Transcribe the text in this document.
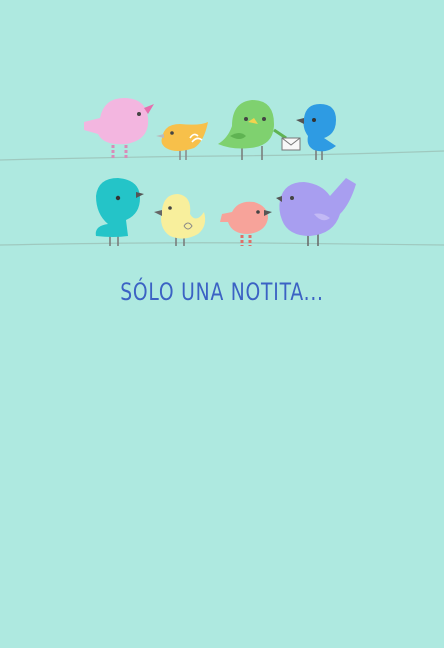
SÓLO UNA NOTITA...
